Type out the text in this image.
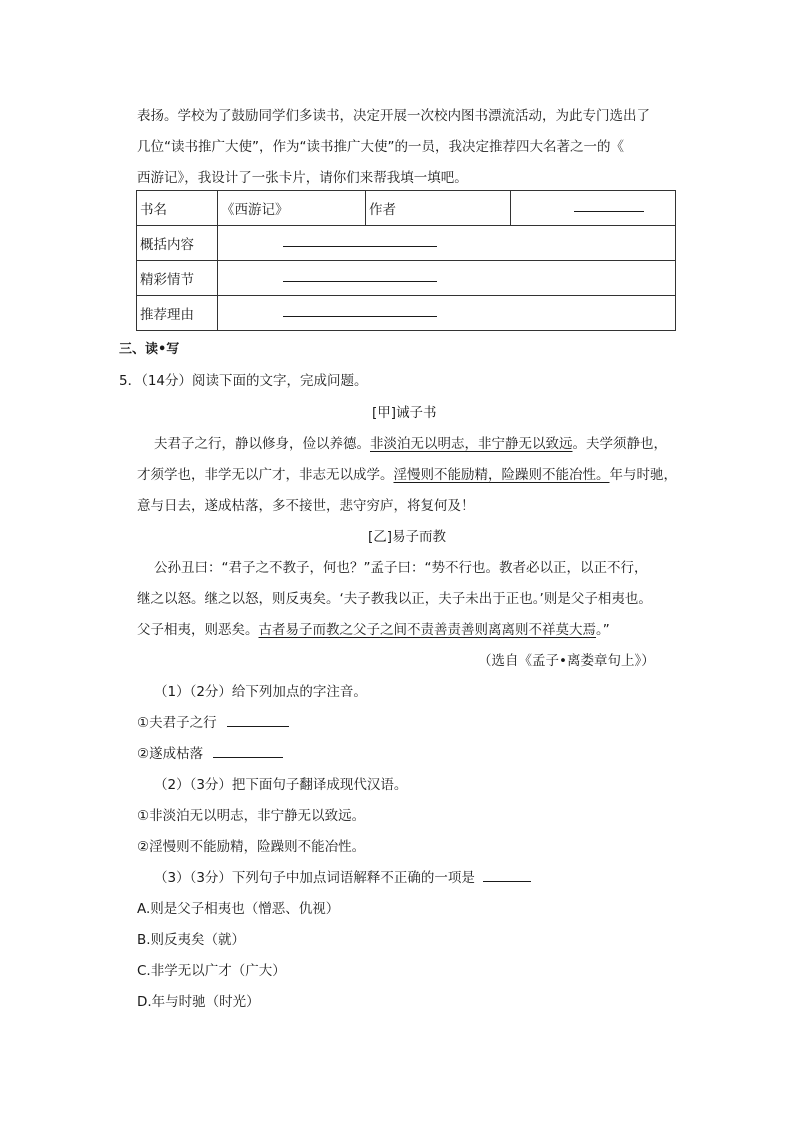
表扬。学校为了鼓励同学们多读书，决定开展一次校内图书漂流活动，为此专门选出了
几位“读书推广大使”，作为“读书推广大使”的一员，我决定推荐四大名著之一的《
西游记》，我设计了一张卡片，请你们来帮我填一填吧。
书名	《西游记》	作者	
概括内容			
精彩情节			
推荐理由			
三、读•写
5．（14分）阅读下面的文字，完成问题。
[甲]诫子书
夫君子之行，静以修身，俭以养德。非淡泊无以明志，非宁静无以致远。夫学须静也，
才须学也，非学无以广才，非志无以成学。淫慢则不能励精，险躁则不能冶性。年与时驰，
意与日去，遂成枯落，多不接世，悲守穷庐，将复何及！
[乙]易子而教
公孙丑曰：“君子之不教子，何也？”孟子曰：“势不行也。教者必以正，以正不行，
继之以怒。继之以怒，则反夷矣。‘夫子教我以正，夫子未出于正也。’则是父子相夷也。
父子相夷，则恶矣。古者易子而教之父子之间不责善责善则离离则不祥莫大焉。”
（选自《孟子•离娄章句上》）
（1）（2分）给下列加点的字注音。
①夫君子之行
②遂成枯落
（2）（3分）把下面句子翻译成现代汉语。
①非淡泊无以明志，非宁静无以致远。
②淫慢则不能励精，险躁则不能冶性。
（3）（3分）下列句子中加点词语解释不正确的一项是
A.则是父子相夷也（憎恶、仇视）
B.则反夷矣（就）
C.非学无以广才（广大）
D.年与时驰（时光）
